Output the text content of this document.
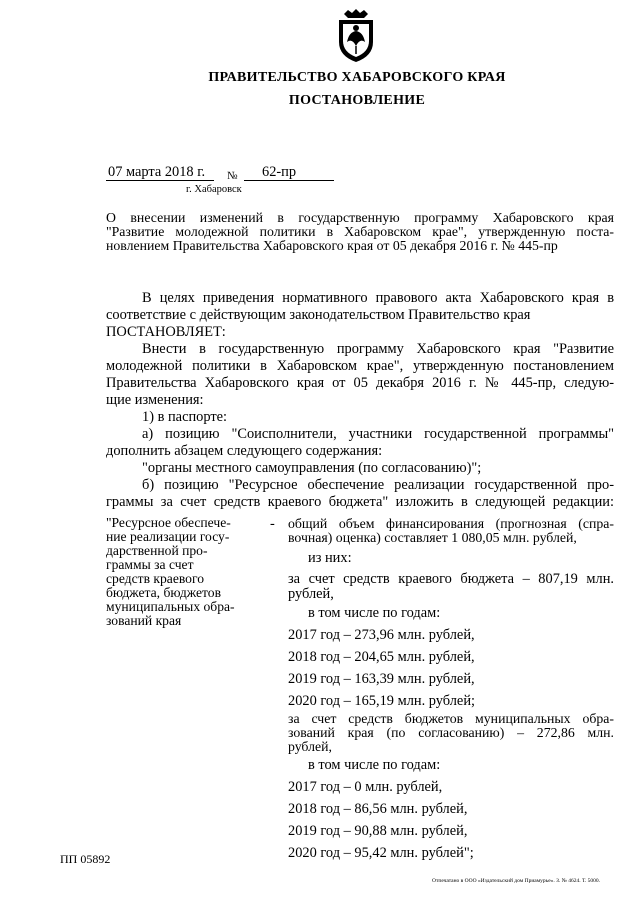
ПРАВИТЕЛЬСТВО ХАБАРОВСКОГО КРАЯ
ПОСТАНОВЛЕНИЕ
07 марта 2018 г. № 62-пр
г. Хабаровск
О внесении изменений в государственную программу Хабаровского края
"Развитие молодежной политики в Хабаровском крае", утвержденную поста-
новлением Правительства Хабаровского края от 05 декабря 2016 г. № 445-пр
В целях приведения нормативного правового акта Хабаровского края в
соответствие с действующим законодательством Правительство края
ПОСТАНОВЛЯЕТ:
Внести в государственную программу Хабаровского края "Развитие
молодежной политики в Хабаровском крае", утвержденную постановлением
Правительства Хабаровского края от 05 декабря 2016 г. № 445-пр, следую-
щие изменения:
1) в паспорте:
а) позицию "Соисполнители, участники государственной программы"
дополнить абзацем следующего содержания:
"органы местного самоуправления (по согласованию)";
б) позицию "Ресурсное обеспечение реализации государственной про-
граммы за счет средств краевого бюджета" изложить в следующей редакции:
"Ресурсное обеспече-
ние реализации госу-
дарственной про-
граммы за счет
средств краевого
бюджета, бюджетов
муниципальных обра-
зований края
- общий объем финансирования (прогнозная (спра-
вочная) оценка) составляет 1 080,05 млн. рублей,
из них:
за счет средств краевого бюджета – 807,19 млн.
рублей,
в том числе по годам:
2017 год – 273,96 млн. рублей,
2018 год – 204,65 млн. рублей,
2019 год – 163,39 млн. рублей,
2020 год – 165,19 млн. рублей;
за счет средств бюджетов муниципальных обра-
зований края (по согласованию) – 272,86 млн.
рублей,
в том числе по годам:
2017 год – 0 млн. рублей,
2018 год – 86,56 млн. рублей,
2019 год – 90,88 млн. рублей,
2020 год – 95,42 млн. рублей";
ПП 05892
Отпечатано в ООО «Издательский дом Приамурье». З. № 4624. Т. 5000.
